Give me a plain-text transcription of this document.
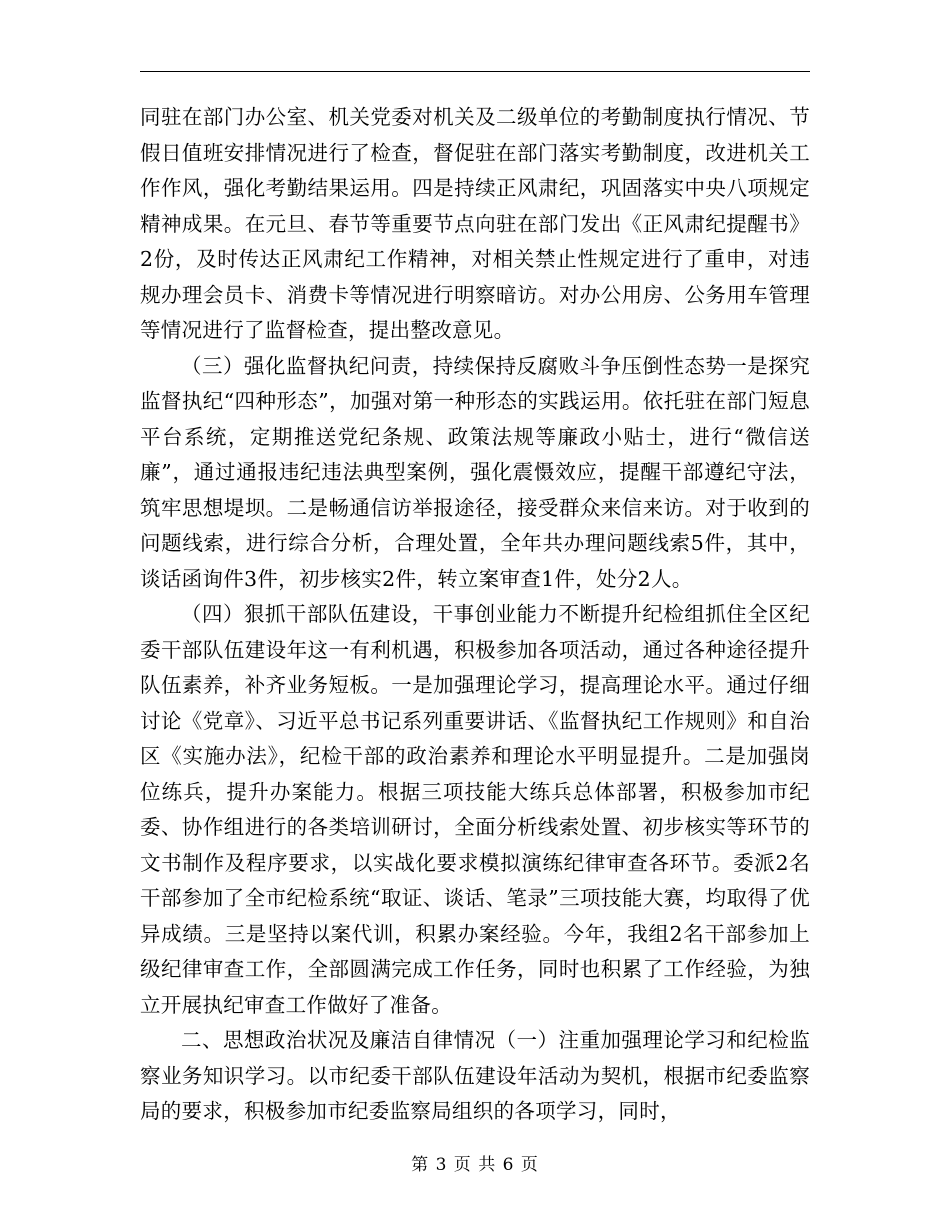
同驻在部门办公室、机关党委对机关及二级单位的考勤制度执行情况、节假日值班安排情况进行了检查，督促驻在部门落实考勤制度，改进机关工作作风，强化考勤结果运用。四是持续正风肃纪，巩固落实中央八项规定精神成果。在元旦、春节等重要节点向驻在部门发出《正风肃纪提醒书》2份，及时传达正风肃纪工作精神，对相关禁止性规定进行了重申，对违规办理会员卡、消费卡等情况进行明察暗访。对办公用房、公务用车管理等情况进行了监督检查，提出整改意见。

（三）强化监督执纪问责，持续保持反腐败斗争压倒性态势一是探究监督执纪“四种形态”，加强对第一种形态的实践运用。依托驻在部门短息平台系统，定期推送党纪条规、政策法规等廉政小贴士，进行“微信送廉”，通过通报违纪违法典型案例，强化震慑效应，提醒干部遵纪守法，筑牢思想堤坝。二是畅通信访举报途径，接受群众来信来访。对于收到的问题线索，进行综合分析，合理处置，全年共办理问题线索5件，其中，谈话函询件3件，初步核实2件，转立案审查1件，处分2人。

（四）狠抓干部队伍建设，干事创业能力不断提升纪检组抓住全区纪委干部队伍建设年这一有利机遇，积极参加各项活动，通过各种途径提升队伍素养，补齐业务短板。一是加强理论学习，提高理论水平。通过仔细讨论《党章》、习近平总书记系列重要讲话、《监督执纪工作规则》和自治区《实施办法》，纪检干部的政治素养和理论水平明显提升。二是加强岗位练兵，提升办案能力。根据三项技能大练兵总体部署，积极参加市纪委、协作组进行的各类培训研讨，全面分析线索处置、初步核实等环节的文书制作及程序要求，以实战化要求模拟演练纪律审查各环节。委派2名干部参加了全市纪检系统“取证、谈话、笔录”三项技能大赛，均取得了优异成绩。三是坚持以案代训，积累办案经验。今年，我组2名干部参加上级纪律审查工作，全部圆满完成工作任务，同时也积累了工作经验，为独立开展执纪审查工作做好了准备。

二、思想政治状况及廉洁自律情况（一）注重加强理论学习和纪检监察业务知识学习。以市纪委干部队伍建设年活动为契机，根据市纪委监察局的要求，积极参加市纪委监察局组织的各项学习，同时，

第 3 页 共 6 页
